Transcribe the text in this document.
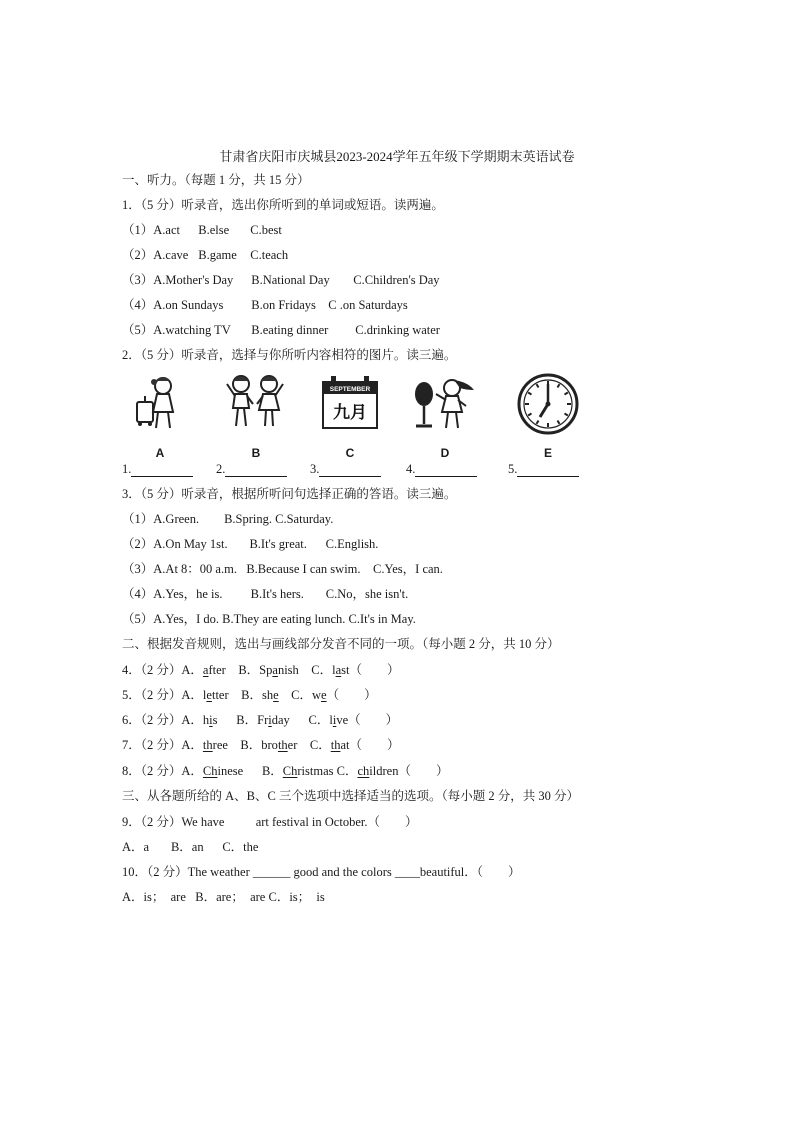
甘肃省庆阳市庆城县2023-2024学年五年级下学期期末英语试卷
一、听力。（每题 1 分，共 15 分）
1．（5 分）听录音，选出你所听到的单词或短语。读两遍。
（1）A.act B.else C.best
（2）A.cave B.game C.teach
（3）A.Mother's Day B.National Day C.Children's Day
（4）A.on Sundays B.on Fridays C .on Saturdays
（5）A.watching TV B.eating dinner C.drinking water
2．（5 分）听录音，选择与你所听内容相符的图片。读三遍。
A	B
SEPTEMBER
九月
C	D	E
1.	2.	3.	4.	5.
3．（5 分）听录音，根据所听问句选择正确的答语。读三遍。
（1）A.Green.        B.Spring. C.Saturday.
（2）A.On May 1st.       B.It's great.      C.English.
（3）A.At 8：00 a.m.   B.Because I can swim.    C.Yes，I can.
（4）A.Yes，he is.         B.It's hers.       C.No，she isn't.
（5）A.Yes，I do. B.They are eating lunch. C.It's in May.
二、根据发音规则，选出与画线部分发音不同的一项。（每小题 2 分，共 10 分）
4．（2 分）A．after B．Spanish C．last（        ）
5．（2 分）A．letter B．she C．we（        ）
6．（2 分）A．his B．Friday C．live（        ）
7．（2 分）A．three B．brother C．that（        ）
8．（2 分）A．Chinese B．Christmas C．children（        ）
三、从各题所给的 A、B、C 三个选项中选择适当的选项。（每小题 2 分，共 30 分）
9．（2 分）We have          art festival in October.（        ）
A．a       B．an      C．the
10．（2 分）The weather ______ good and the colors ____beautiful．（        ）
A．is；  are   B．are；  are C．is；  is
